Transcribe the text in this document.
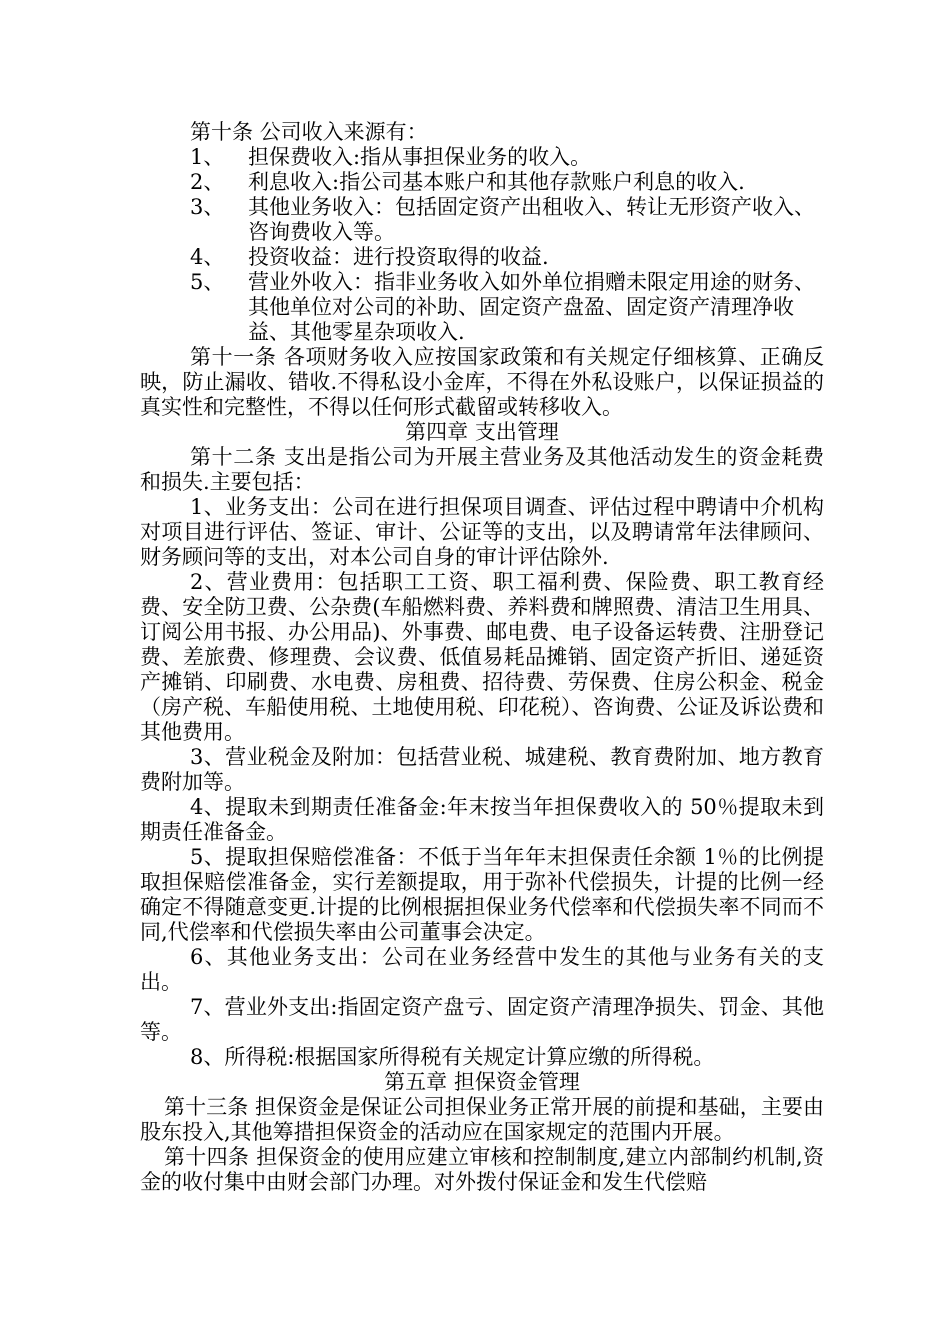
第十条 公司收入来源有：

1、	担保费收入:指从事担保业务的收入。
2、	利息收入:指公司基本账户和其他存款账户利息的收入.
3、	其他业务收入：包括固定资产出租收入、转让无形资产收入、咨询费收入等。
4、	投资收益：进行投资取得的收益.
5、	营业外收入：指非业务收入如外单位捐赠未限定用途的财务、其他单位对公司的补助、固定资产盘盈、固定资产清理净收益、其他零星杂项收入.

第十一条 各项财务收入应按国家政策和有关规定仔细核算、正确反映，防止漏收、错收.不得私设小金库，不得在外私设账户，以保证损益的真实性和完整性，不得以任何形式截留或转移收入。

第四章 支出管理

第十二条 支出是指公司为开展主营业务及其他活动发生的资金耗费和损失.主要包括：

1、业务支出：公司在进行担保项目调查、评估过程中聘请中介机构对项目进行评估、签证、审计、公证等的支出，以及聘请常年法律顾问、财务顾问等的支出，对本公司自身的审计评估除外.

2、营业费用：包括职工工资、职工福利费、保险费、职工教育经费、安全防卫费、公杂费(车船燃料费、养料费和牌照费、清洁卫生用具、订阅公用书报、办公用品)、外事费、邮电费、电子设备运转费、注册登记费、差旅费、修理费、会议费、低值易耗品摊销、固定资产折旧、递延资产摊销、印刷费、水电费、房租费、招待费、劳保费、住房公积金、税金（房产税、车船使用税、土地使用税、印花税）、咨询费、公证及诉讼费和其他费用。

3、营业税金及附加：包括营业税、城建税、教育费附加、地方教育费附加等。

4、提取未到期责任准备金:年末按当年担保费收入的 50％提取未到期责任准备金。

5、提取担保赔偿准备：不低于当年年末担保责任余额 1％的比例提取担保赔偿准备金，实行差额提取，用于弥补代偿损失，计提的比例一经确定不得随意变更.计提的比例根据担保业务代偿率和代偿损失率不同而不同,代偿率和代偿损失率由公司董事会决定。

6、其他业务支出：公司在业务经营中发生的其他与业务有关的支出。

7、营业外支出:指固定资产盘亏、固定资产清理净损失、罚金、其他等。

8、所得税:根据国家所得税有关规定计算应缴的所得税。

第五章 担保资金管理

第十三条 担保资金是保证公司担保业务正常开展的前提和基础，主要由股东投入,其他筹措担保资金的活动应在国家规定的范围内开展。

第十四条 担保资金的使用应建立审核和控制制度,建立内部制约机制,资金的收付集中由财会部门办理。对外拨付保证金和发生代偿赔
